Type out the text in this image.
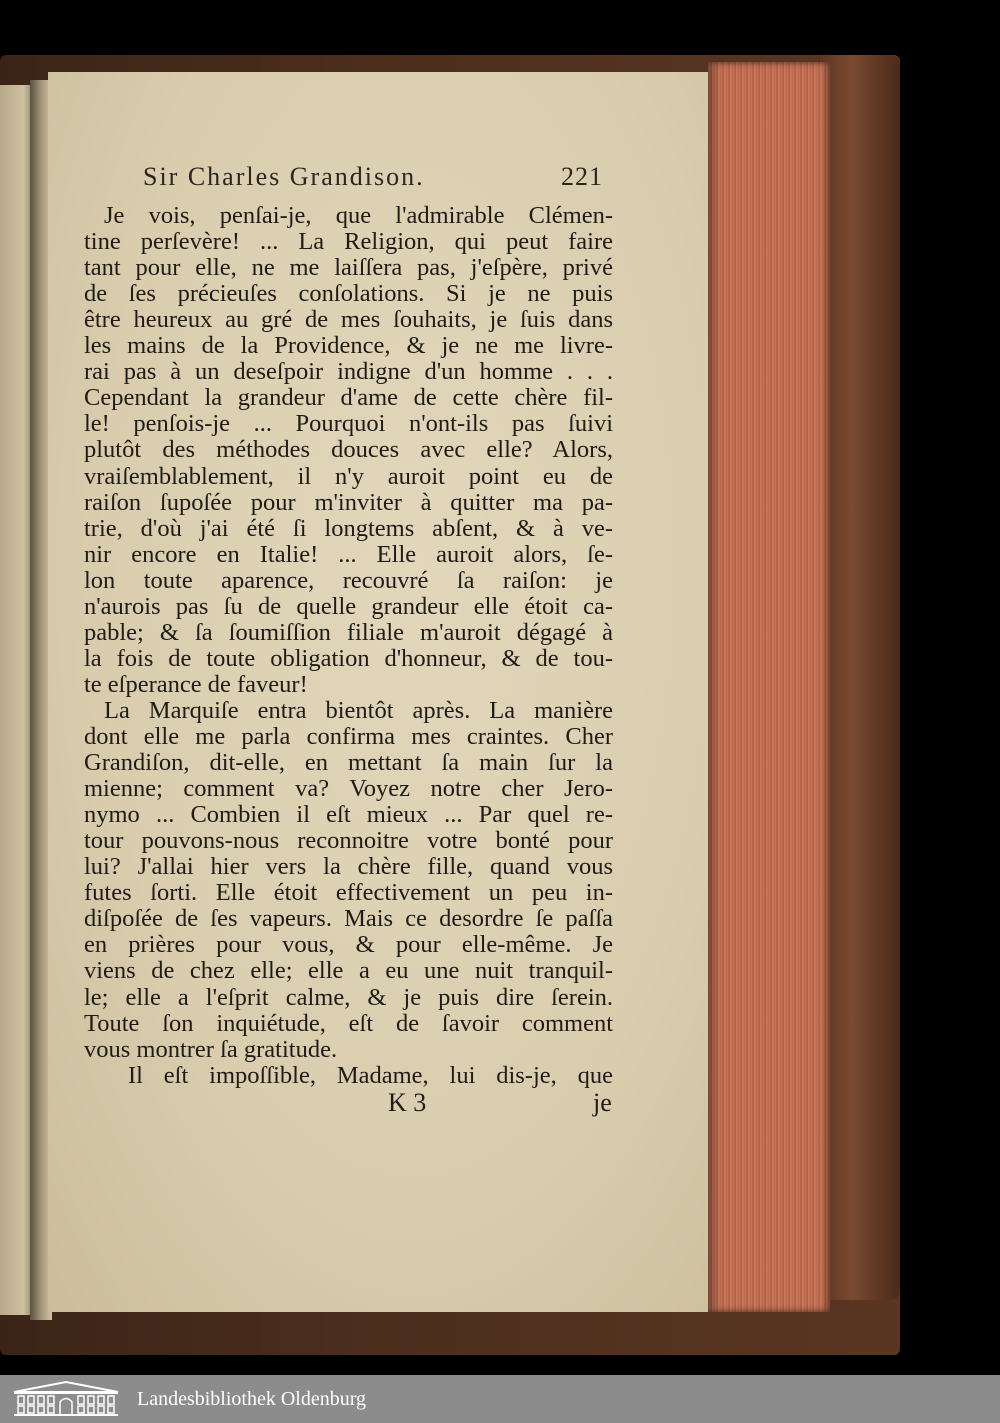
Sir Charles Grandison.	221
Je vois, penſai-je, que l'admirable Clémen-
tine perſevère! ... La Religion, qui peut faire
tant pour elle, ne me laiſſera pas, j'eſpère, privé
de ſes précieuſes conſolations. Si je ne puis
être heureux au gré de mes ſouhaits, je ſuis dans
les mains de la Providence, & je ne me livre-
rai pas à un deseſpoir indigne d'un homme . . .
Cependant la grandeur d'ame de cette chère fil-
le! penſois-je ... Pourquoi n'ont-ils pas ſuivi
plutôt des méthodes douces avec elle? Alors,
vraiſemblablement, il n'y auroit point eu de
raiſon ſupoſée pour m'inviter à quitter ma pa-
trie, d'où j'ai été ſi longtems abſent, & à ve-
nir encore en Italie! ... Elle auroit alors, ſe-
lon toute aparence, recouvré ſa raiſon: je
n'aurois pas ſu de quelle grandeur elle étoit ca-
pable; & ſa ſoumiſſion filiale m'auroit dégagé à
la fois de toute obligation d'honneur, & de tou-
te eſperance de faveur!
La Marquiſe entra bientôt après. La manière
dont elle me parla confirma mes craintes. Cher
Grandiſon, dit-elle, en mettant ſa main ſur la
mienne; comment va? Voyez notre cher Jero-
nymo ... Combien il eſt mieux ... Par quel re-
tour pouvons-nous reconnoitre votre bonté pour
lui? J'allai hier vers la chère fille, quand vous
futes ſorti. Elle étoit effectivement un peu in-
diſpoſée de ſes vapeurs. Mais ce desordre ſe paſſa
en prières pour vous, & pour elle-même. Je
viens de chez elle; elle a eu une nuit tranquil-
le; elle a l'eſprit calme, & je puis dire ſerein.
Toute ſon inquiétude, eſt de ſavoir comment
vous montrer ſa gratitude.
Il eſt impoſſible, Madame, lui dis-je, que
K 3	je
Landesbibliothek Oldenburg
